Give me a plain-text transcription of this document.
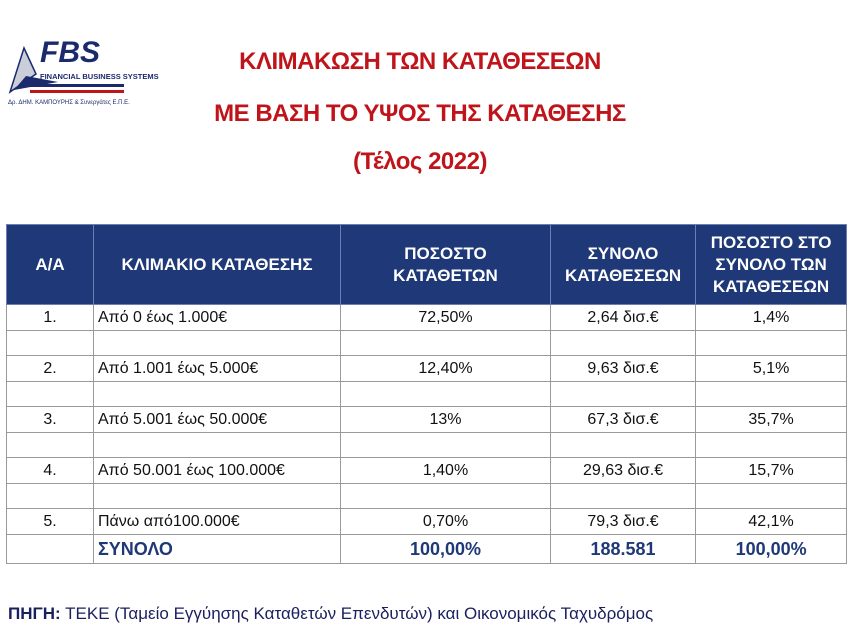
FBS
FINANCIAL BUSINESS SYSTEMS
Δρ. ΔΗΜ. ΚΑΜΠΟΥΡΗΣ & Συνεργάτες Ε.Π.Ε.
ΚΛΙΜΑΚΩΣΗ ΤΩΝ ΚΑΤΑΘΕΣΕΩΝ
ΜΕ ΒΑΣΗ ΤΟ ΥΨΟΣ ΤΗΣ ΚΑΤΑΘΕΣΗΣ
(Τέλος 2022)
Α/Α	ΚΛΙΜΑΚΙΟ ΚΑΤΑΘΕΣΗΣ	ΠΟΣΟΣΤΟ ΚΑΤΑΘΕΤΩΝ	ΣΥΝΟΛΟ ΚΑΤΑΘΕΣΕΩΝ	ΠΟΣΟΣΤΟ ΣΤΟ ΣΥΝΟΛΟ ΤΩΝ ΚΑΤΑΘΕΣΕΩΝ
1.	Από 0 έως 1.000€	72,50%	2,64 δισ.€	1,4%

2.	Από 1.001 έως 5.000€	12,40%	9,63 δισ.€	5,1%

3.	Από 5.001 έως 50.000€	13%	67,3 δισ.€	35,7%

4.	Από 50.001 έως 100.000€	1,40%	29,63 δισ.€	15,7%

5.	Πάνω από100.000€	0,70%	79,3 δισ.€	42,1%
	ΣΥΝΟΛΟ	100,00%	188.581	100,00%
ΠΗΓΗ: ΤΕΚΕ (Ταμείο Εγγύησης Καταθετών Επενδυτών) και Οικονομικός Ταχυδρόμος
